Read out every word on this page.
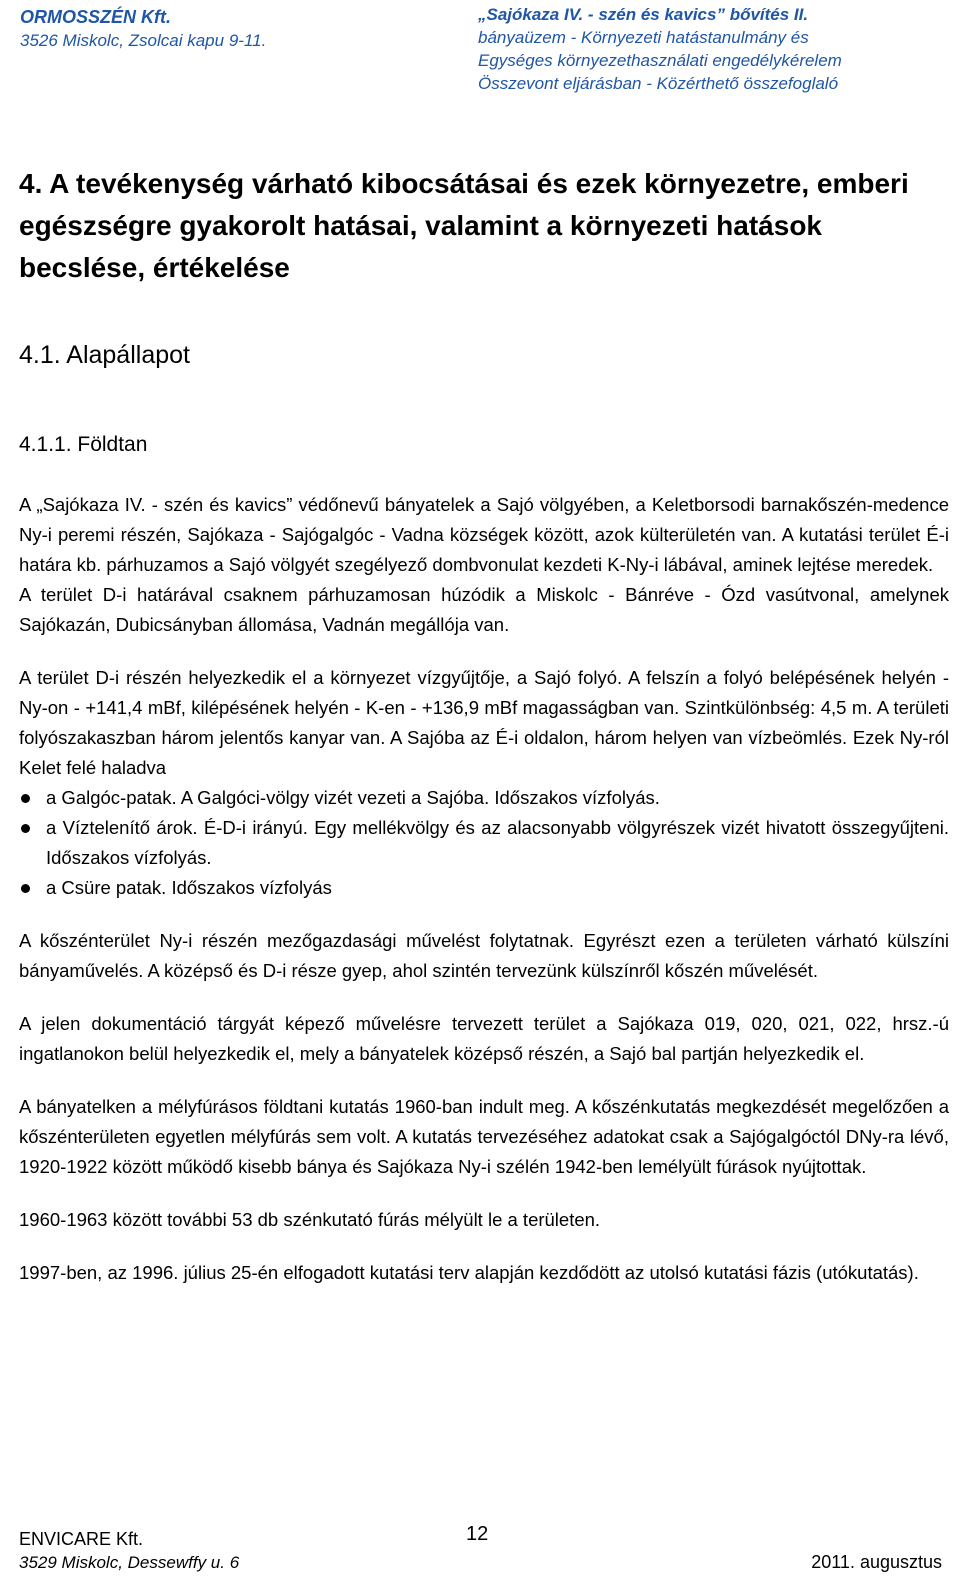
ORMOSSZÉN Kft.
3526 Miskolc, Zsolcai kapu 9-11.
„Sajókaza IV. - szén és kavics” bővítés II.
bányaüzem - Környezeti hatástanulmány és
Egységes környezethasználati engedélykérelem
Összevont eljárásban - Közérthető összefoglaló
4. A tevékenység várható kibocsátásai és ezek környezetre, emberi egészségre gyakorolt hatásai, valamint a környezeti hatások becslése, értékelése
4.1. Alapállapot
4.1.1. Földtan

A „Sajókaza IV. - szén és kavics” védőnevű bányatelek a Sajó völgyében, a Keletborsodi barnakőszén-medence Ny-i peremi részén, Sajókaza - Sajógalgóc - Vadna községek között, azok külterületén van. A kutatási terület É-i határa kb. párhuzamos a Sajó völgyét szegélyező dombvonulat kezdeti K-Ny-i lábával, aminek lejtése meredek.

A terület D-i határával csaknem párhuzamosan húzódik a Miskolc - Bánréve - Ózd vasútvonal, amelynek Sajókazán, Dubicsányban állomása, Vadnán megállója van.

A terület D-i részén helyezkedik el a környezet vízgyűjtője, a Sajó folyó. A felszín a folyó belépésének helyén - Ny-on - +141,4 mBf, kilépésének helyén - K-en - +136,9 mBf magasságban van. Szintkülönbség: 4,5 m. A területi folyószakaszban három jelentős kanyar van. A Sajóba az É-i oldalon, három helyen van vízbeömlés. Ezek Ny-ról Kelet felé haladva

a Galgóc-patak. A Galgóci-völgy vizét vezeti a Sajóba. Időszakos vízfolyás.
a Víztelenítő árok. É-D-i irányú. Egy mellékvölgy és az alacsonyabb völgyrészek vizét hivatott összegyűjteni. Időszakos vízfolyás.
a Csüre patak. Időszakos vízfolyás

A kőszénterület Ny-i részén mezőgazdasági művelést folytatnak. Egyrészt ezen a területen várható külszíni bányaművelés. A középső és D-i része gyep, ahol szintén tervezünk külszínről kőszén művelését.

A jelen dokumentáció tárgyát képező művelésre tervezett terület a Sajókaza 019, 020, 021, 022, hrsz.-ú ingatlanokon belül helyezkedik el, mely a bányatelek középső részén, a Sajó bal partján helyezkedik el.

A bányatelken a mélyfúrásos földtani kutatás 1960-ban indult meg. A kőszénkutatás megkezdését megelőzően a kőszénterületen egyetlen mélyfúrás sem volt. A kutatás tervezéséhez adatokat csak a Sajógalgóctól DNy-ra lévő, 1920-1922 között működő kisebb bánya és Sajókaza Ny-i szélén 1942-ben lemélyült fúrások nyújtottak.

1960-1963 között további 53 db szénkutató fúrás mélyült le a területen.

1997-ben, az 1996. július 25-én elfogadott kutatási terv alapján kezdődött az utolsó kutatási fázis (utókutatás).

ENVICARE Kft.
3529 Miskolc, Dessewffy u. 6
12
2011. augusztus
